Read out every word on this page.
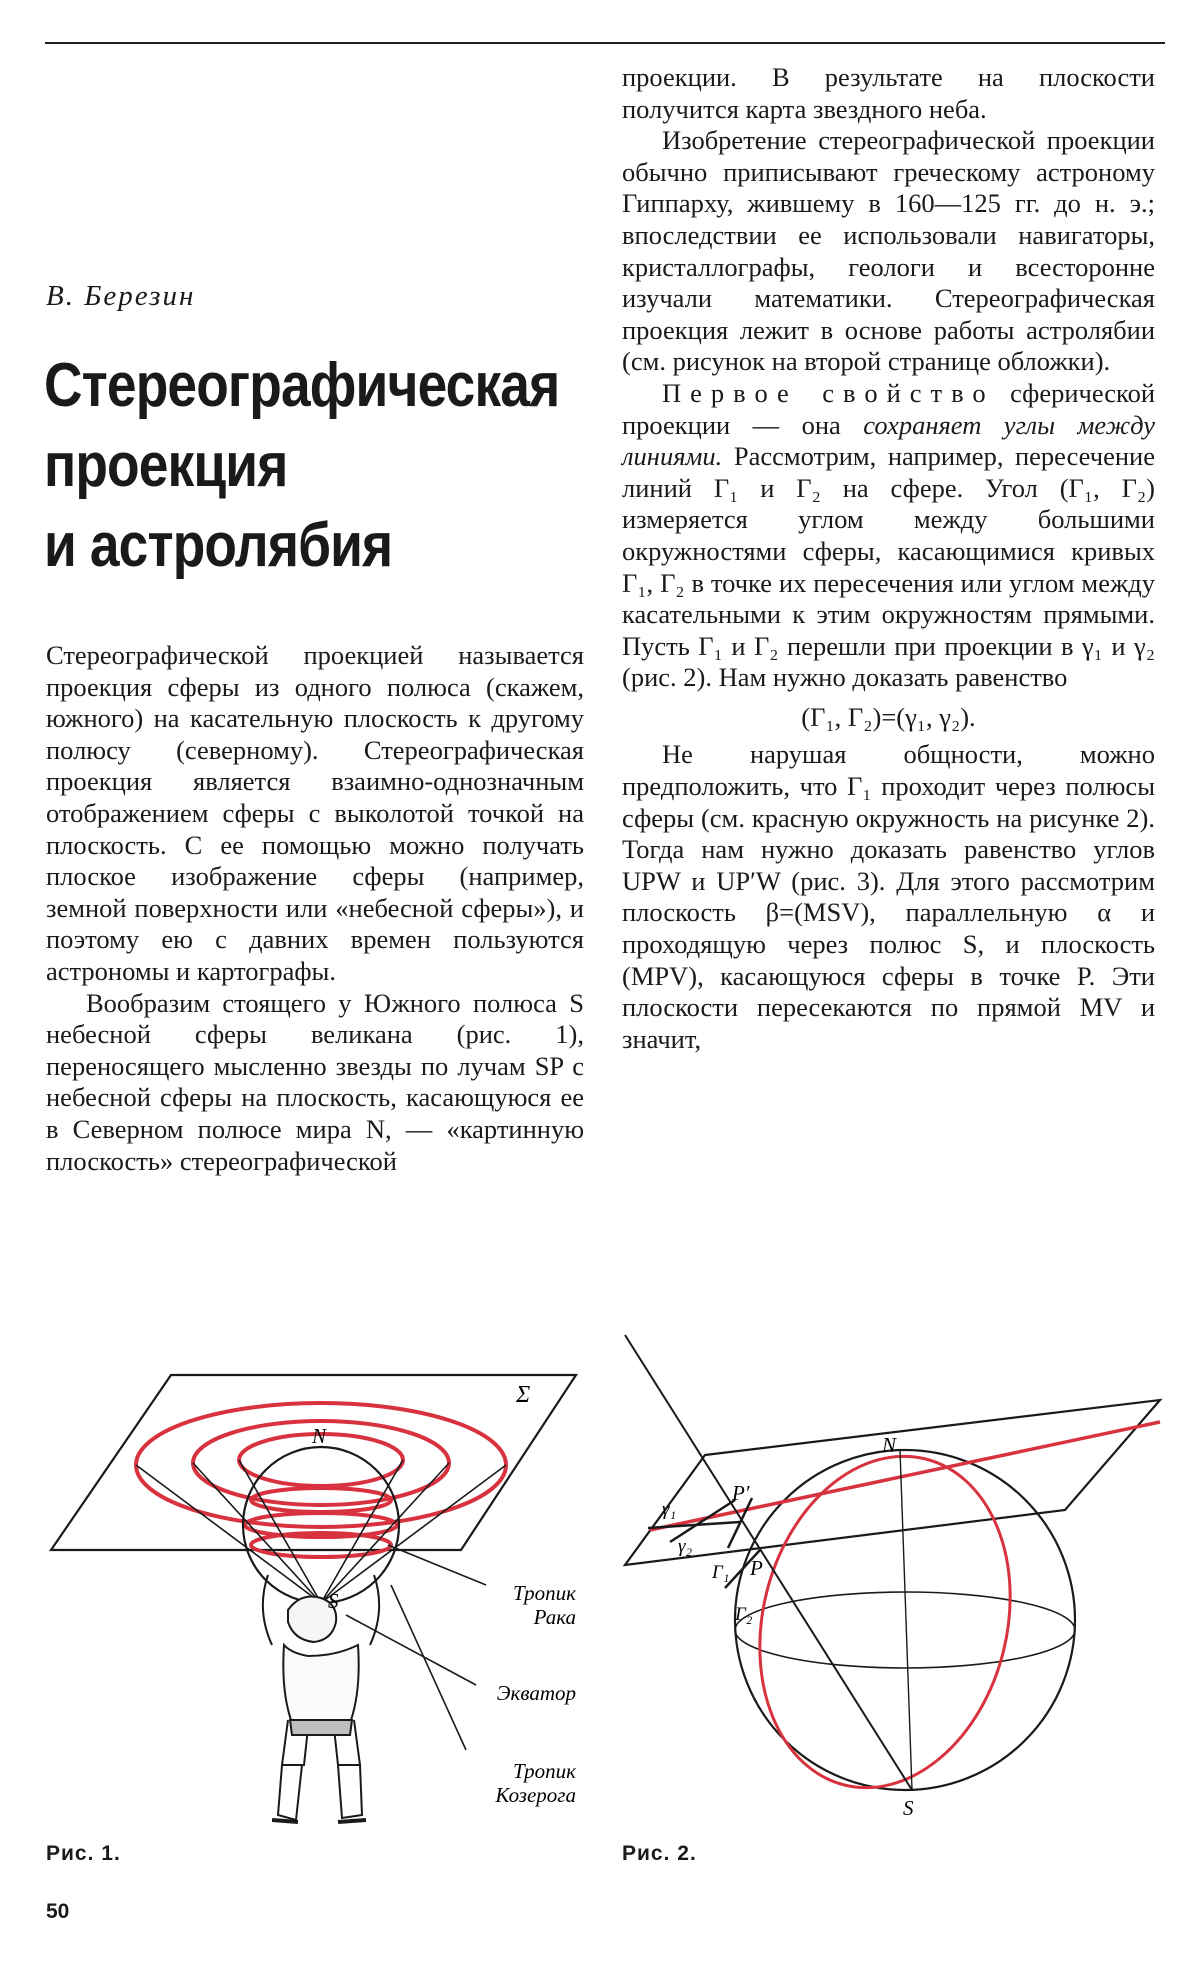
В. Березин
Стереографическая
проекция
и астролябия

Стереографической проекцией называется проекция сферы из одного полюса (скажем, южного) на касательную плоскость к другому полюсу (северному). Стереографическая проекция является взаимно-однозначным отображением сферы с выколотой точкой на плоскость. С ее помощью можно получать плоское изображение сферы (например, земной поверхности или «небесной сферы»), и поэтому ею с давних времен пользуются астрономы и картографы.

Вообразим стоящего у Южного полюса S небесной сферы великана (рис. 1), переносящего мысленно звезды по лучам SP с небесной сферы на плоскость, касающуюся ее в Северном полюсе мира N, — «картинную плоскость» стереографической

проекции. В результате на плоскости получится карта звездного неба.

Изобретение стереографической проекции обычно приписывают греческому астроному Гиппарху, жившему в 160—125 гг. до н. э.; впоследствии ее использовали навигаторы, кристаллографы, геологи и всесторонне изучали математики. Стереографическая проекция лежит в основе работы астролябии (см. рисунок на второй странице обложки).

Первое свойство сферической проекции — она сохраняет углы между линиями. Рассмотрим, например, пересечение линий Γ₁ и Γ₂ на сфере. Угол (Γ₁, Γ₂) измеряется углом между большими окружностями сферы, касающимися кривых Γ₁, Γ₂ в точке их пересечения или углом между касательными к этим окружностям прямыми. Пусть Γ₁ и Γ₂ перешли при проекции в γ₁ и γ₂ (рис. 2). Нам нужно доказать равенство

(Γ₁, Γ₂)=(γ₁, γ₂).

Не нарушая общности, можно предположить, что Γ₁ проходит через полюсы сферы (см. красную окружность на рисунке 2). Тогда нам нужно доказать равенство углов UPW и UP′W (рис. 3). Для этого рассмотрим плоскость β=(MSV), параллельную α и проходящую через полюс S, и плоскость (MPV), касающуюся сферы в точке P. Эти плоскости пересекаются по прямой MV и значит,

Σ
N
S	Тропик
Рака
Экватор
Тропик
Козерога
N
S
P′
P
γ₁
γ₂
Γ₁
Γ₂
Рис. 1.	Рис. 2.
50
